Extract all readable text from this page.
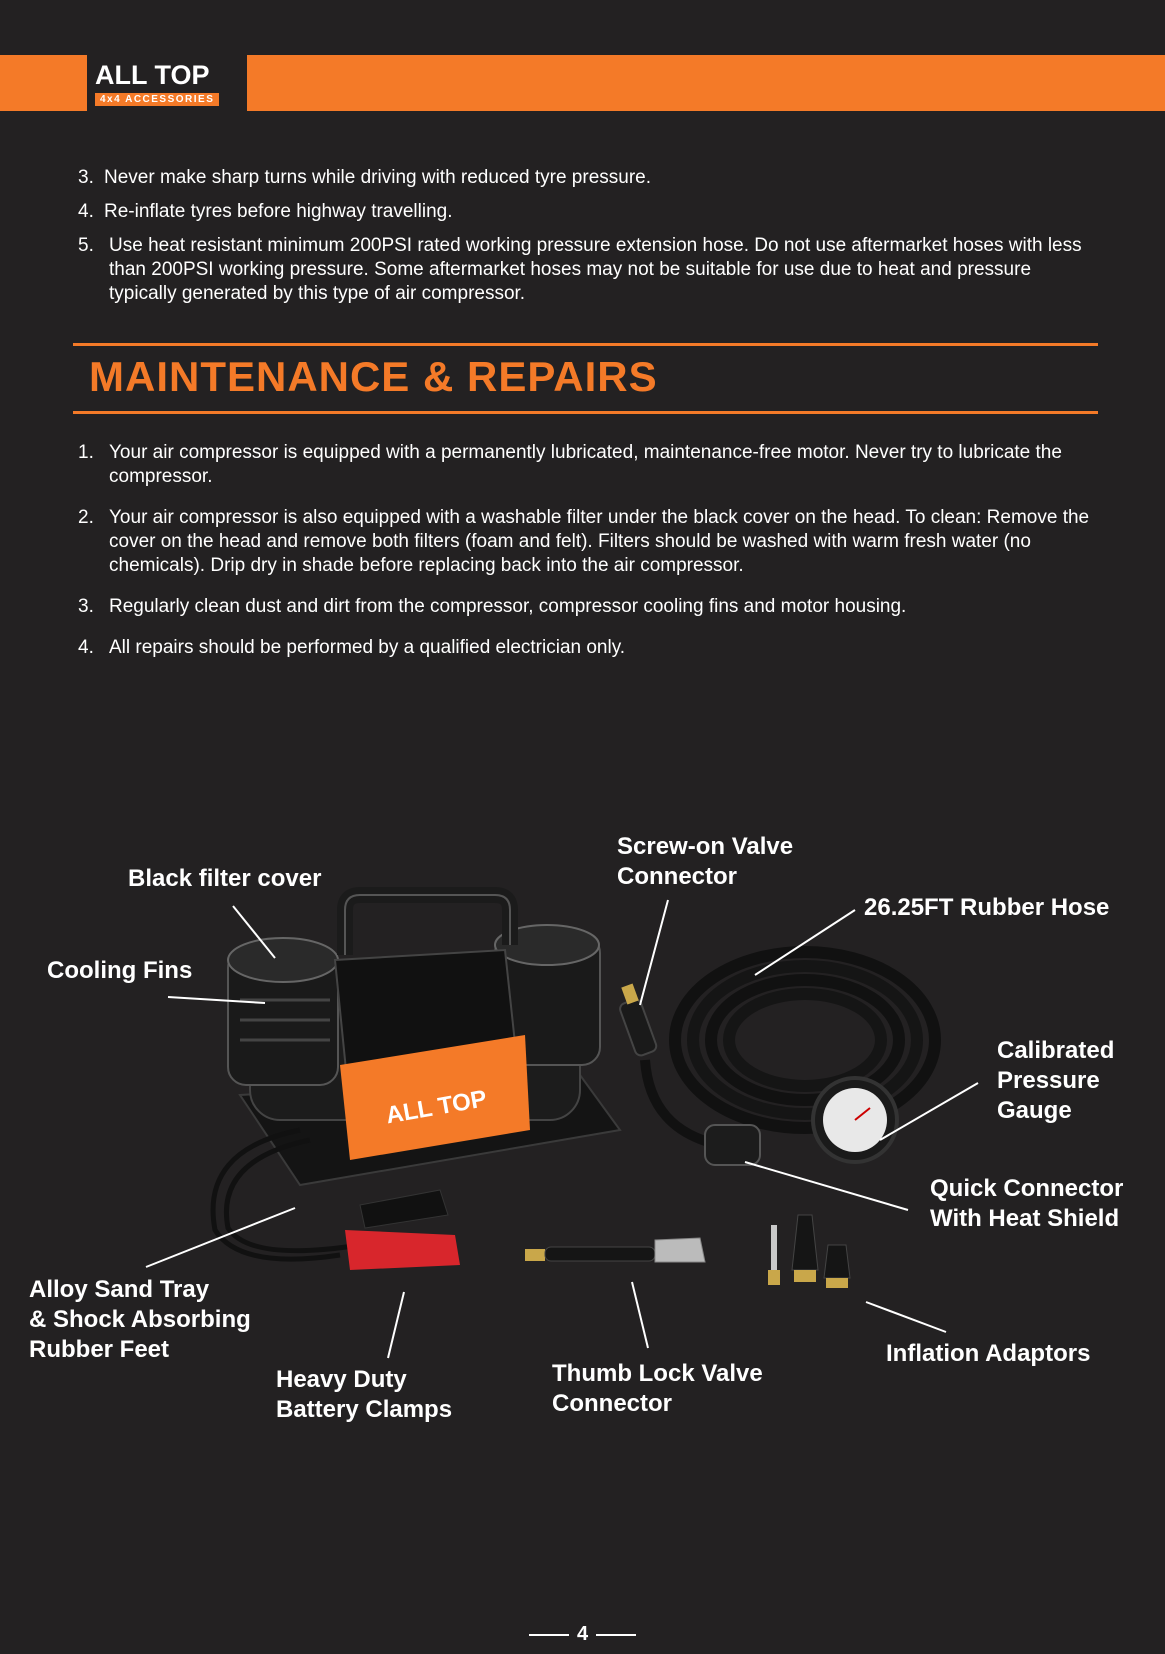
ALL TOP
4x4 ACCESSORIES
3. Never make sharp turns while driving with reduced tyre pressure.
4. Re-inflate tyres before highway travelling.
5. Use heat resistant minimum 200PSI rated working pressure extension hose. Do not use aftermarket hoses with less than 200PSI working pressure. Some aftermarket hoses may not be suitable for use due to heat and pressure typically generated by this type of air compressor.
MAINTENANCE & REPAIRS
1. Your air compressor is equipped with a permanently lubricated, maintenance-free motor. Never try to lubricate the compressor.
2. Your air compressor is also equipped with a washable filter under the black cover on the head. To clean: Remove the cover on the head and remove both filters (foam and felt). Filters should be washed with warm fresh water (no chemicals). Drip dry in shade before replacing back into the air compressor.
3. Regularly clean dust and dirt from the compressor, compressor cooling fins and motor housing.
4. All repairs should be performed by a qualified electrician only.
ALL TOP
Black filter cover
Cooling Fins
Screw-on Valve
Connector
26.25FT Rubber Hose
Calibrated
Pressure
Gauge
Quick Connector
With Heat Shield
Alloy Sand Tray
& Shock Absorbing
Rubber Feet
Heavy Duty
Battery Clamps
Thumb Lock Valve
Connector
Inflation Adaptors
4
